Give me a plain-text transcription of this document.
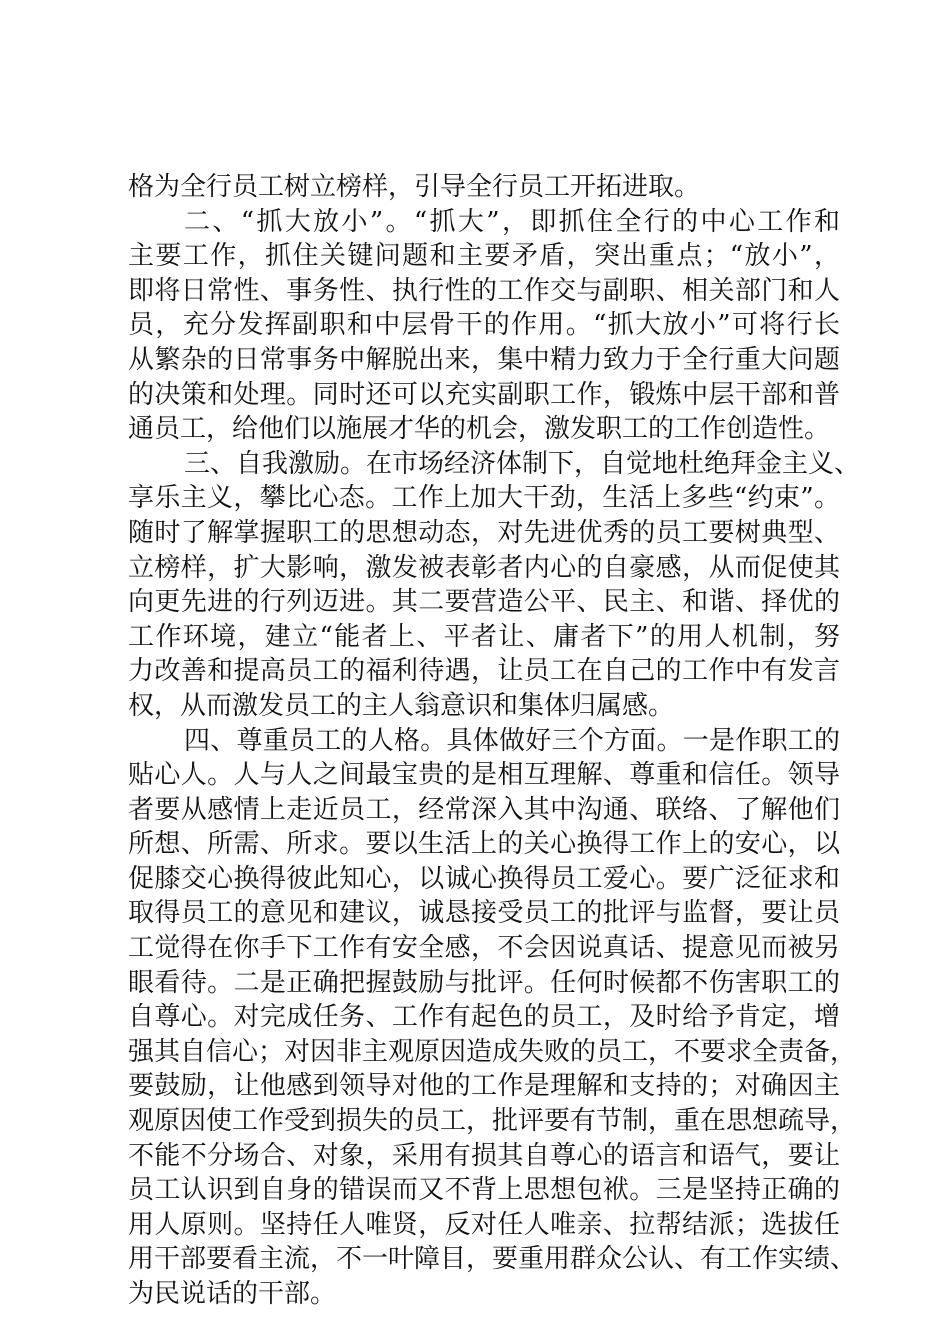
格为全行员工树立榜样，引导全行员工开拓进取。
二、“抓大放小”。“抓大”，即抓住全行的中心工作和
主要工作，抓住关键问题和主要矛盾，突出重点；“放小”，
即将日常性、事务性、执行性的工作交与副职、相关部门和人
员，充分发挥副职和中层骨干的作用。“抓大放小”可将行长
从繁杂的日常事务中解脱出来，集中精力致力于全行重大问题
的决策和处理。同时还可以充实副职工作，锻炼中层干部和普
通员工，给他们以施展才华的机会，激发职工的工作创造性。
三、自我激励。在市场经济体制下，自觉地杜绝拜金主义、
享乐主义，攀比心态。工作上加大干劲，生活上多些“约束”。
随时了解掌握职工的思想动态，对先进优秀的员工要树典型、
立榜样，扩大影响，激发被表彰者内心的自豪感，从而促使其
向更先进的行列迈进。其二要营造公平、民主、和谐、择优的
工作环境，建立“能者上、平者让、庸者下”的用人机制，努
力改善和提高员工的福利待遇，让员工在自己的工作中有发言
权，从而激发员工的主人翁意识和集体归属感。
四、尊重员工的人格。具体做好三个方面。一是作职工的
贴心人。人与人之间最宝贵的是相互理解、尊重和信任。领导
者要从感情上走近员工，经常深入其中沟通、联络、了解他们
所想、所需、所求。要以生活上的关心换得工作上的安心，以
促膝交心换得彼此知心，以诚心换得员工爱心。要广泛征求和
取得员工的意见和建议，诚恳接受员工的批评与监督，要让员
工觉得在你手下工作有安全感，不会因说真话、提意见而被另
眼看待。二是正确把握鼓励与批评。任何时候都不伤害职工的
自尊心。对完成任务、工作有起色的员工，及时给予肯定，增
强其自信心；对因非主观原因造成失败的员工，不要求全责备，
要鼓励，让他感到领导对他的工作是理解和支持的；对确因主
观原因使工作受到损失的员工，批评要有节制，重在思想疏导，
不能不分场合、对象，采用有损其自尊心的语言和语气，要让
员工认识到自身的错误而又不背上思想包袱。三是坚持正确的
用人原则。坚持任人唯贤，反对任人唯亲、拉帮结派；选拔任
用干部要看主流，不一叶障目，要重用群众公认、有工作实绩、
为民说话的干部。
